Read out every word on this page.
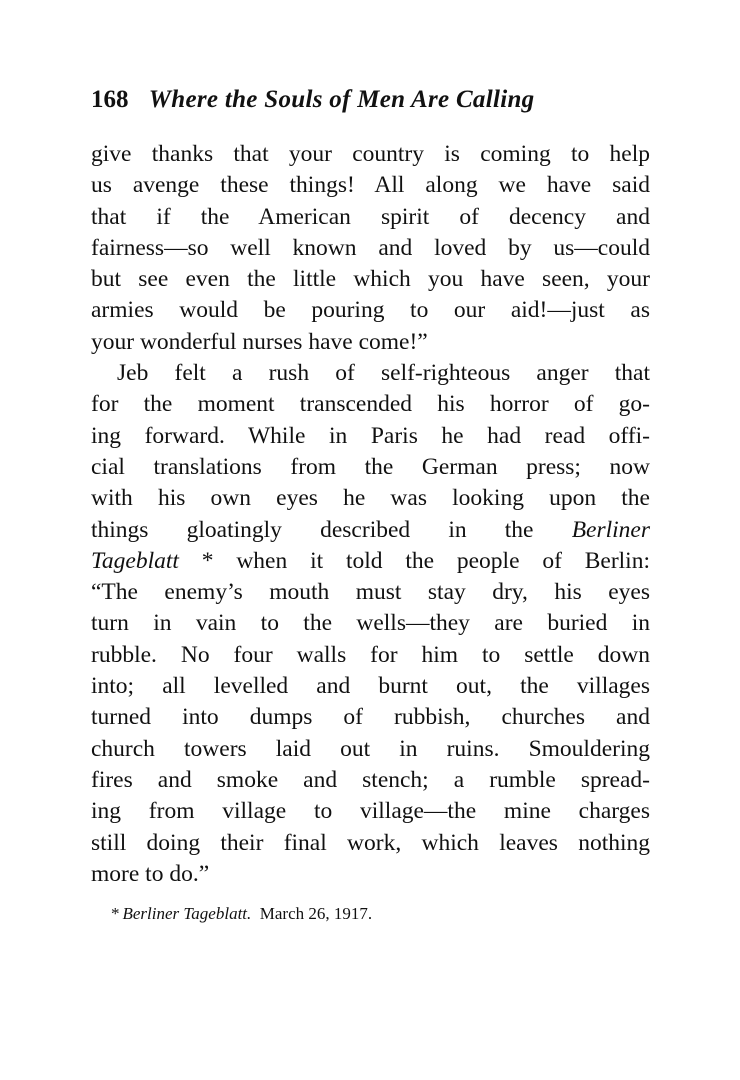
168 Where the Souls of Men Are Calling
give thanks that your country is coming to help
us avenge these things! All along we have said
that if the American spirit of decency and
fairness—so well known and loved by us—could
but see even the little which you have seen, your
armies would be pouring to our aid!—just as
your wonderful nurses have come!”
Jeb felt a rush of self-righteous anger that
for the moment transcended his horror of go-
ing forward. While in Paris he had read offi-
cial translations from the German press; now
with his own eyes he was looking upon the
things gloatingly described in the Berliner
Tageblatt * when it told the people of Berlin:
“The enemy’s mouth must stay dry, his eyes
turn in vain to the wells—they are buried in
rubble. No four walls for him to settle down
into; all levelled and burnt out, the villages
turned into dumps of rubbish, churches and
church towers laid out in ruins. Smouldering
fires and smoke and stench; a rumble spread-
ing from village to village—the mine charges
still doing their final work, which leaves nothing
more to do.”
* Berliner Tageblatt. March 26, 1917.
